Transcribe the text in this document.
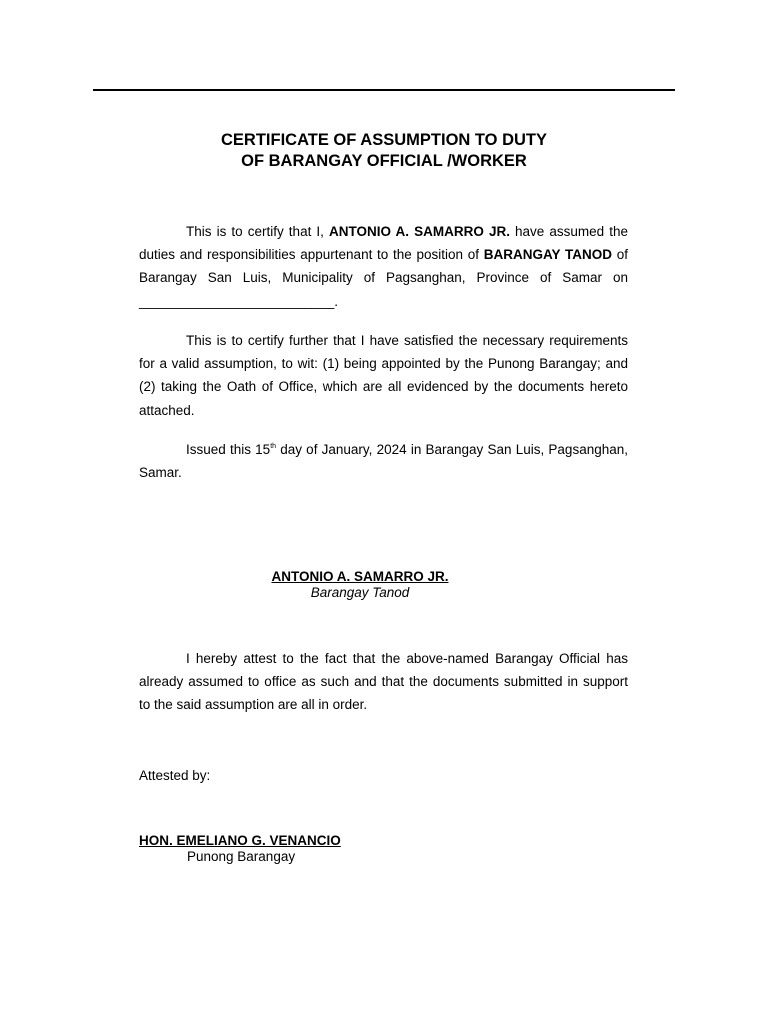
CERTIFICATE OF ASSUMPTION TO DUTY
OF BARANGAY OFFICIAL /WORKER
This is to certify that I, ANTONIO A. SAMARRO JR. have assumed the duties and responsibilities appurtenant to the position of BARANGAY TANOD of Barangay San Luis, Municipality of Pagsanghan, Province of Samar on __________________________.
This is to certify further that I have satisfied the necessary requirements for a valid assumption, to wit: (1) being appointed by the Punong Barangay; and (2) taking the Oath of Office, which are all evidenced by the documents hereto attached.
Issued this 15th day of January, 2024 in Barangay San Luis, Pagsanghan, Samar.
ANTONIO A. SAMARRO JR.
Barangay Tanod
I hereby attest to the fact that the above-named Barangay Official has already assumed to office as such and that the documents submitted in support to the said assumption are all in order.
Attested by:
HON. EMELIANO G. VENANCIO
Punong Barangay
